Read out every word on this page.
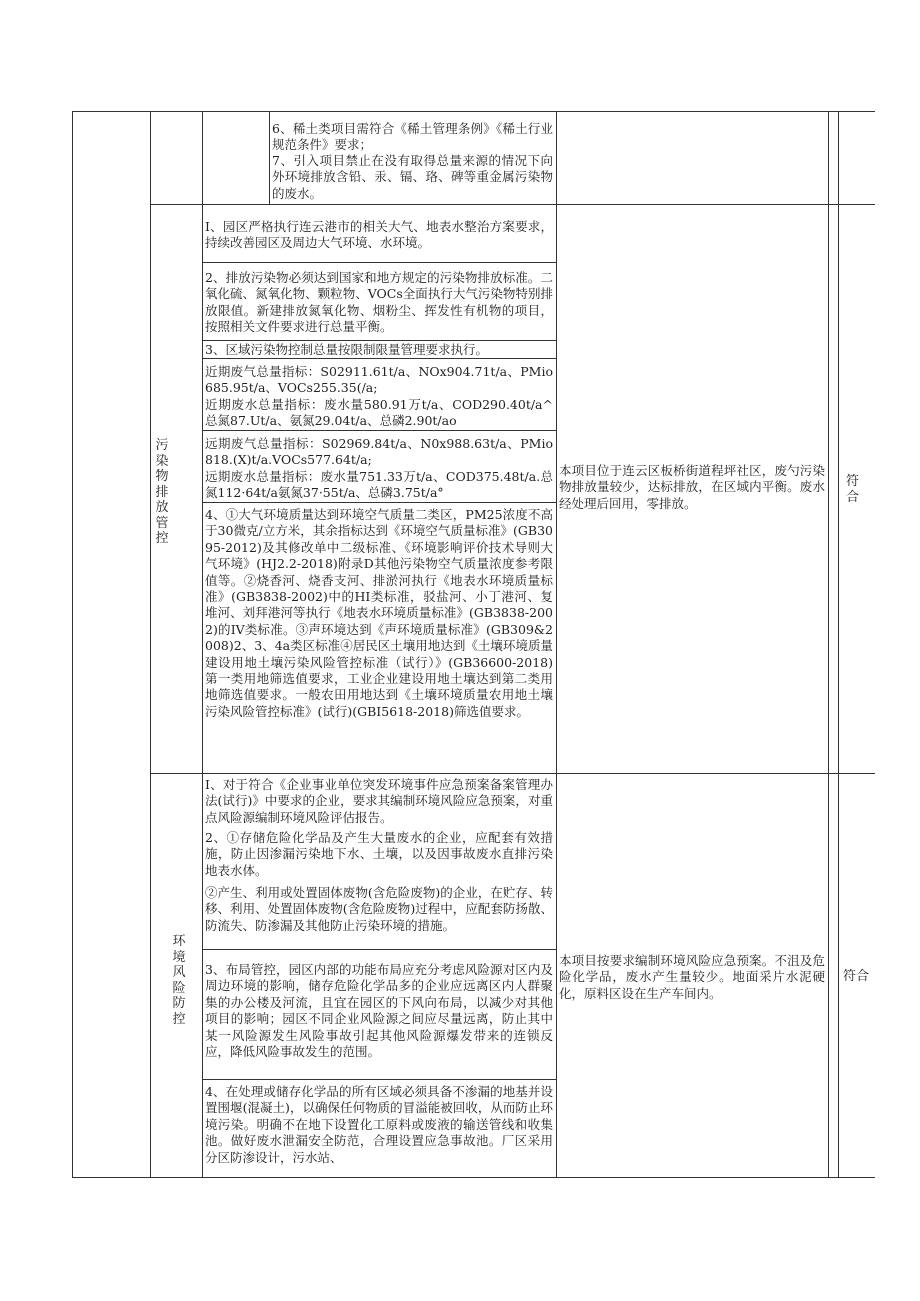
6、稀土类项目需符合《稀土管理条例》《稀土行业规范条件》要求；

7、引入项目禁止在没有取得总量来源的情况下向外环境排放含铅、汞、镉、珞、碑等重金属污染物的废水。

污
染
物
排
放
管
控

I、园区严格执行连云港市的相关大气、地表水整治方案要求，持续改善园区及周边大气环境、水环境。

2、排放污染物必须达到国家和地方规定的污染物排放标准。二氧化硫、氮氧化物、颗粒物、VOCs全面执行大气污染物特别排放限值。新建排放氮氧化物、烟粉尘、挥发性有机物的项目，按照相关文件要求进行总量平衡。

3、区域污染物控制总量按限制限量管理要求执行。

近期废气总量指标：S02911.61t/a、NOx904.71t/a、PMio685.95t/a、VOCs255.35(/a;

近期废水总量指标：废水量580.91万t/a、COD290.40t/a^总氮87.Ut/a、氨氮29.04t/a、总磷2.90t/ao

远期废气总量指标：S02969.84t/a、N0x988.63t/a、PMio818.(X)t/a.VOCs577.64t/a;

远期废水总量指标：废水量751.33万t/a、COD375.48t/a.总氮112·64t/a氨氮37·55t/a、总磷3.75t/a°

4、①大气环境质量达到环境空气质量二类区，PM25浓度不高于30微克/立方米，其余指标达到《环境空气质量标准》(GB3095-2012)及其修改单中二级标准、《环境影响评价技术导则大气环境》(HJ2.2-2018)附录D其他污染物空气质量浓度参考限值等。②烧香河、烧香支河、排淤河执行《地表水环境质量标准》(GB3838-2002)中的HI类标准，驳盐河、小丁港河、复堆河、刘拜港河等执行《地表水环境质量标准》(GB3838-2002)的IV类标准。③声环境达到《声环境质量标准》(GB309&2008)2、3、4a类区标准④居民区土壤用地达到《土壤环境质量建设用地土壤污染风险管控标准（试行）》(GB36600-2018)第一类用地筛选值要求，工业企业建设用地土壤达到第二类用地筛选值要求。一般农田用地达到《土壤环境质量农用地土壤污染风险管控标准》(试行)(GBI5618-2018)筛选值要求。

本项目位于连云区板桥街道程坪社区，废勺污染物排放量较少，达标排放，在区域内平衡。废水经处理后回用，零排放。

符
合
环
境
风
险
防
控

I、对于符合《企业事业单位突发环境事件应急预案备案管理办法(试行)》中要求的企业，要求其编制环境风险应急预案，对重点风险源编制环境风险评估报告。

2、①存储危险化学品及产生大量废水的企业，应配套有效措施，防止因渗漏污染地下水、土壤，以及因事故废水直排污染地表水体。

②产生、利用或处置固体废物(含危险废物)的企业，在贮存、转移、利用、处置固体废物(含危险废物)过程中，应配套防扬散、防流失、防渗漏及其他防止污染环境的措施。

3、布局管控，园区内部的功能布局应充分考虑风险源对区内及周边环境的影响，储存危险化学品多的企业应远离区内人群聚集的办公楼及河流，且宜在园区的下风向布局，以减少对其他项目的影响；园区不同企业风险源之间应尽量远离，防止其中某一风险源发生风险事故引起其他风险源爆发带来的连锁反应，降低风险事故发生的范围。

4、在处理或储存化学品的所有区域必须具备不渗漏的地基并设置围堰(混凝土)，以确保任何物质的冒溢能被回收，从而防止环境污染。明确不在地下设置化工原料或废液的输送管线和收集池。做好废水泄漏安全防范，合理设置应急事故池。厂区采用分区防渗设计，污水站、

本项目按要求编制环境风险应急预案。不沮及危险化学品，废水产生量较少。地面采片水泥硬化，原料区设在生产车间内。

符合
